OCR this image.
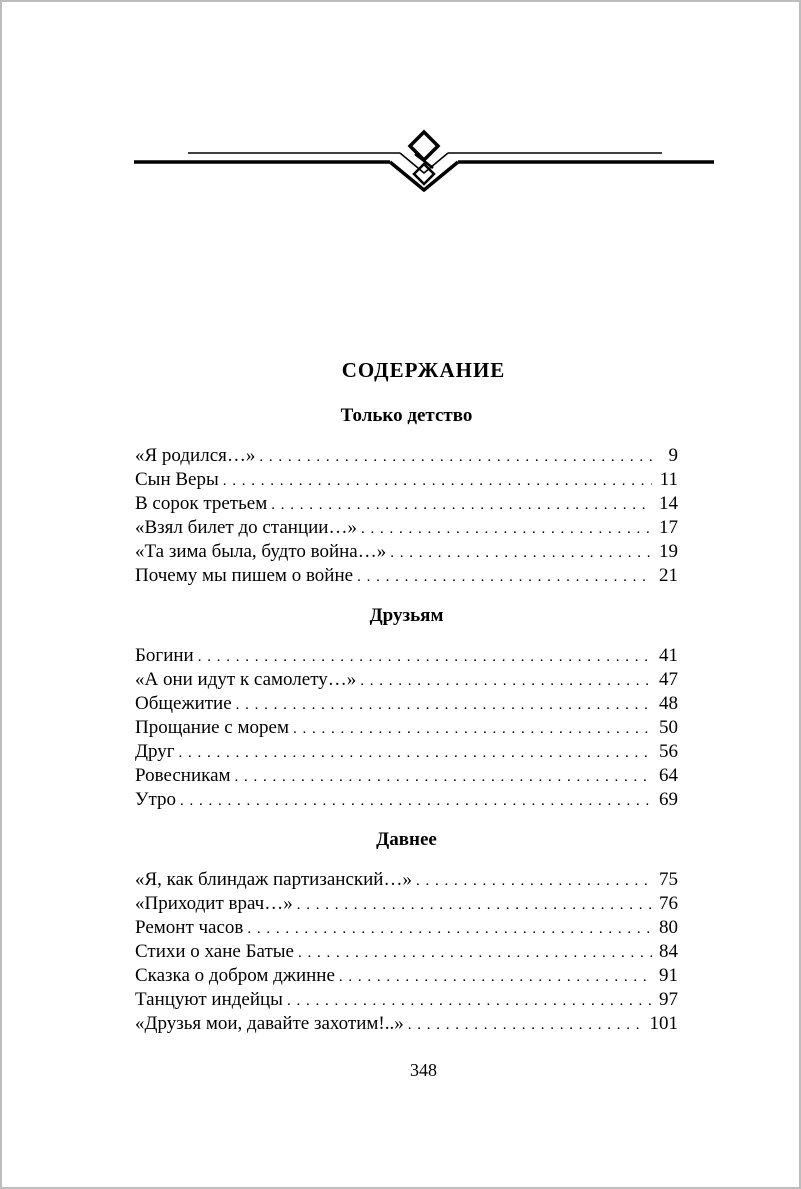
СОДЕРЖАНИЕ
Только детство
«Я родился…» . . .	9
Сын Веры . . .	11
В сорок третьем . . .	14
«Взял билет до станции…» . . .	17
«Та зима была, будто война…» . . .	19
Почему мы пишем о войне . . .	21
Друзьям
Богини . . .	41
«А они идут к самолету…» . . .	47
Общежитие . . .	48
Прощание с морем . . .	50
Друг . . .	56
Ровесникам . . .	64
Утро . . .	69
Давнее
«Я, как блиндаж партизанский…» . . .	75
«Приходит врач…» . . .	76
Ремонт часов . . .	80
Стихи о хане Батые . . .	84
Сказка о добром джинне . . .	91
Танцуют индейцы . . .	97
«Друзья мои, давайте захотим!..» . . .	101
348
